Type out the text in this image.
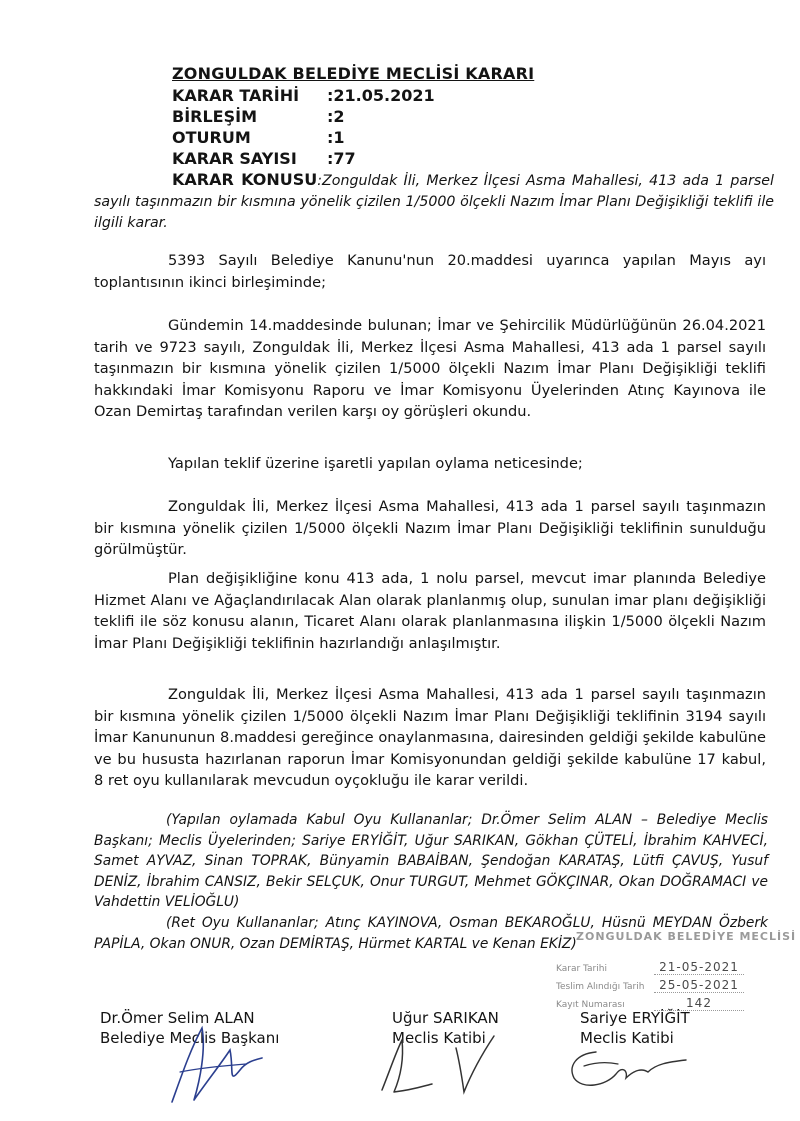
ZONGULDAK BELEDİYE MECLİSİ KARARI
KARAR TARİHİ :21.05.2021
BİRLEŞİM	:2
OTURUM	:1
KARAR SAYISI :77
KARAR KONUSU:Zonguldak İli, Merkez İlçesi Asma Mahallesi, 413 ada 1 parsel sayılı taşınmazın bir kısmına yönelik çizilen 1/5000 ölçekli Nazım İmar Planı Değişikliği teklifi ile ilgili karar.
5393 Sayılı Belediye Kanunu'nun 20.maddesi uyarınca yapılan Mayıs ayı toplantısının ikinci birleşiminde;
Gündemin 14.maddesinde bulunan; İmar ve Şehircilik Müdürlüğünün 26.04.2021 tarih ve 9723 sayılı, Zonguldak İli, Merkez İlçesi Asma Mahallesi, 413 ada 1 parsel sayılı taşınmazın bir kısmına yönelik çizilen 1/5000 ölçekli Nazım İmar Planı Değişikliği teklifi hakkındaki İmar Komisyonu Raporu ve İmar Komisyonu Üyelerinden Atınç Kayınova ile Ozan Demirtaş tarafından verilen karşı oy görüşleri okundu.
Yapılan teklif üzerine işaretli yapılan oylama neticesinde;
Zonguldak İli, Merkez İlçesi Asma Mahallesi, 413 ada 1 parsel sayılı taşınmazın bir kısmına yönelik çizilen 1/5000 ölçekli Nazım İmar Planı Değişikliği teklifinin sunulduğu görülmüştür.
Plan değişikliğine konu 413 ada, 1 nolu parsel, mevcut imar planında Belediye Hizmet Alanı ve Ağaçlandırılacak Alan olarak planlanmış olup, sunulan imar planı değişikliği teklifi ile söz konusu alanın, Ticaret Alanı olarak planlanmasına ilişkin 1/5000 ölçekli Nazım İmar Planı Değişikliği teklifinin hazırlandığı anlaşılmıştır.
Zonguldak İli, Merkez İlçesi Asma Mahallesi, 413 ada 1 parsel sayılı taşınmazın bir kısmına yönelik çizilen 1/5000 ölçekli Nazım İmar Planı Değişikliği teklifinin 3194 sayılı İmar Kanununun 8.maddesi gereğince onaylanmasına, dairesinden geldiği şekilde kabulüne ve bu hususta hazırlanan raporun İmar Komisyonundan geldiği şekilde kabulüne 17 kabul, 8 ret oyu kullanılarak mevcudun oyçokluğu ile karar verildi.
(Yapılan oylamada Kabul Oyu Kullananlar; Dr.Ömer Selim ALAN – Belediye Meclis Başkanı; Meclis Üyelerinden; Sariye ERYİĞİT, Uğur SARIKAN, Gökhan ÇÜTELİ, İbrahim KAHVECİ, Samet AYVAZ, Sinan TOPRAK, Bünyamin BABAİBAN, Şendoğan KARATAŞ, Lütfi ÇAVUŞ, Yusuf DENİZ, İbrahim CANSIZ, Bekir SELÇUK, Onur TURGUT, Mehmet GÖKÇINAR, Okan DOĞRAMACI ve Vahdettin VELİOĞLU)
(Ret Oyu Kullananlar; Atınç KAYINOVA, Osman BEKAROĞLU, Hüsnü MEYDAN Özberk PAPİLA, Okan ONUR, Ozan DEMİRTAŞ, Hürmet KARTAL ve Kenan EKİZ) ZONGULDAK BELEDİYE MECLİSİ
Karar Tarihi	21-05-2021
Teslim Alındığı Tarih 25-05-2021
Kayıt Numarası	142
Dr.Ömer Selim ALAN
Belediye Meclis Başkanı
Uğur SARIKAN
Meclis Katibi
Sariye ERYİĞİT
Meclis Katibi
